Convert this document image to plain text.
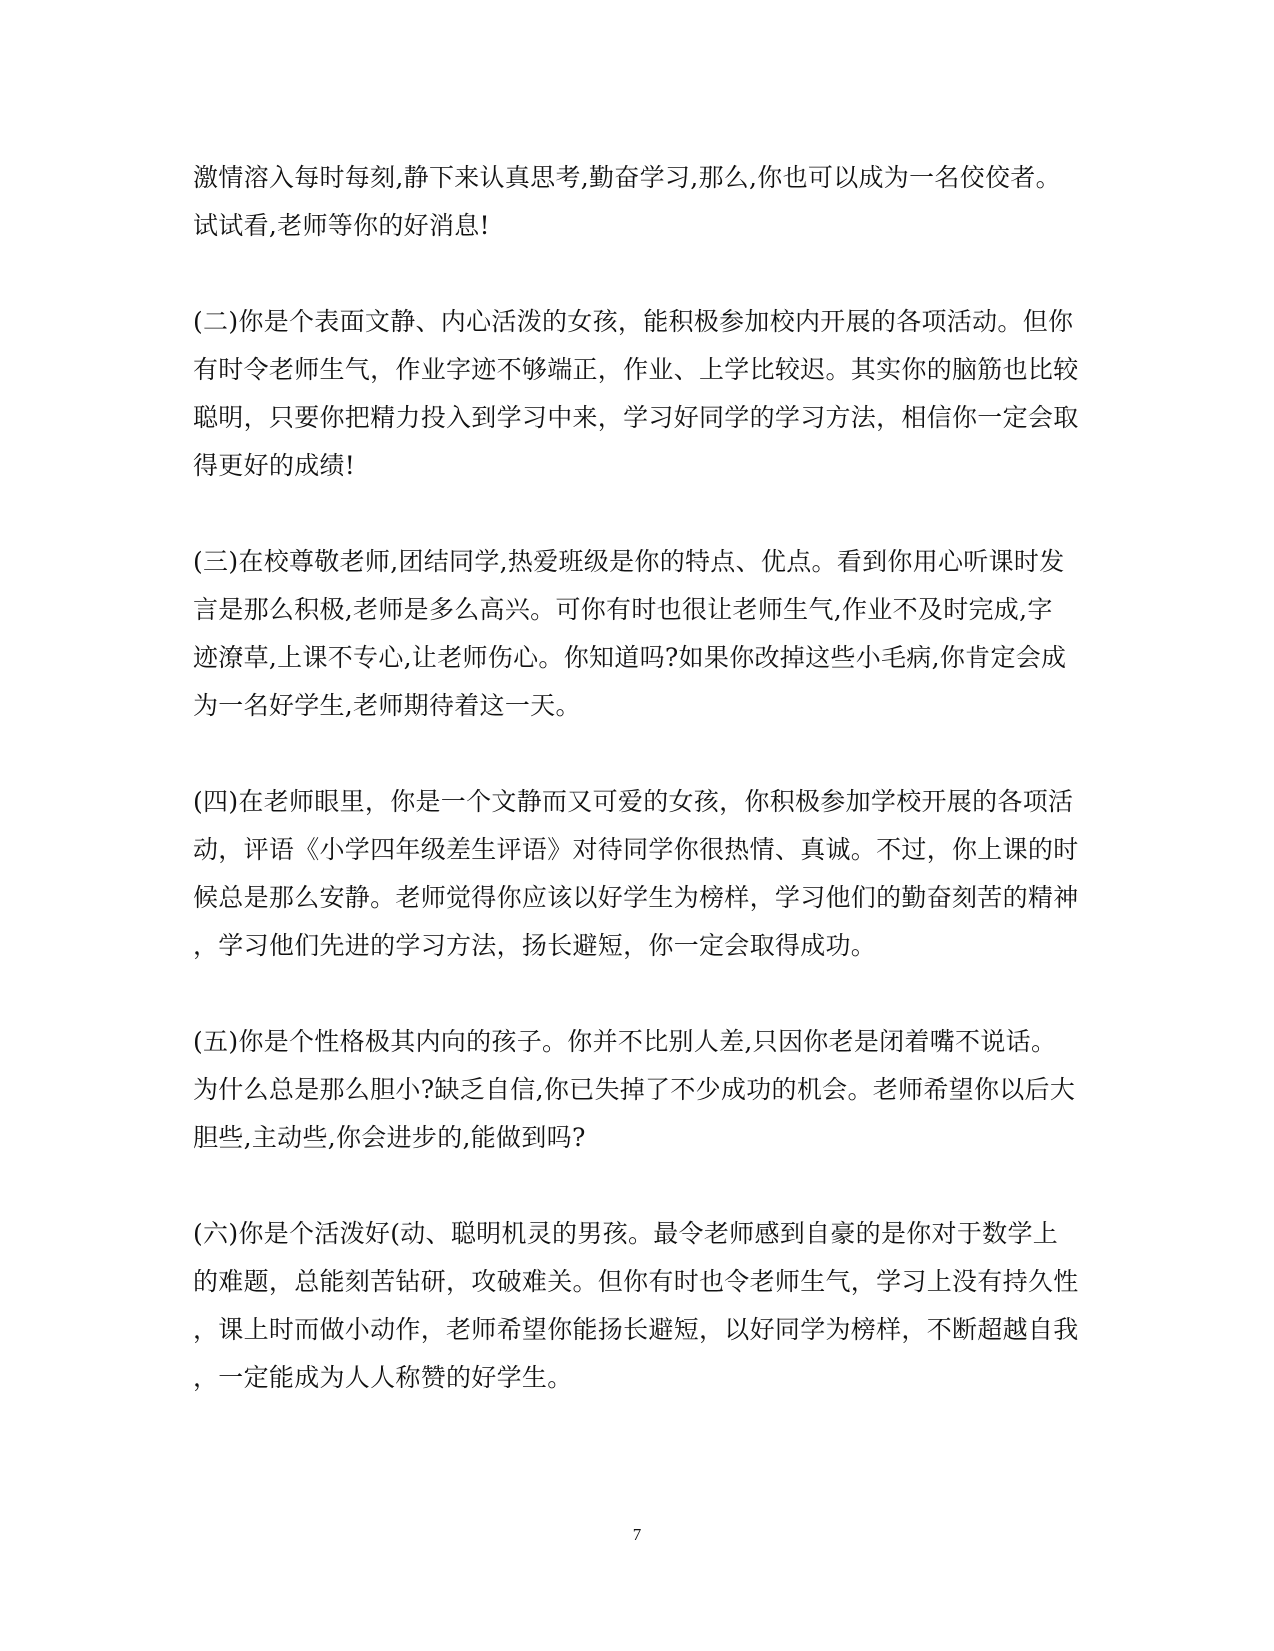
激情溶入每时每刻,静下来认真思考,勤奋学习,那么,你也可以成为一名佼佼者。
试试看,老师等你的好消息!
(二)你是个表面文静、内心活泼的女孩，能积极参加校内开展的各项活动。但你
有时令老师生气，作业字迹不够端正，作业、上学比较迟。其实你的脑筋也比较
聪明，只要你把精力投入到学习中来，学习好同学的学习方法，相信你一定会取
得更好的成绩!
(三)在校尊敬老师,团结同学,热爱班级是你的特点、优点。看到你用心听课时发
言是那么积极,老师是多么高兴。可你有时也很让老师生气,作业不及时完成,字
迹潦草,上课不专心,让老师伤心。你知道吗?如果你改掉这些小毛病,你肯定会成
为一名好学生,老师期待着这一天。
(四)在老师眼里，你是一个文静而又可爱的女孩，你积极参加学校开展的各项活
动，评语《小学四年级差生评语》对待同学你很热情、真诚。不过，你上课的时
候总是那么安静。老师觉得你应该以好学生为榜样，学习他们的勤奋刻苦的精神
，学习他们先进的学习方法，扬长避短，你一定会取得成功。
(五)你是个性格极其内向的孩子。你并不比别人差,只因你老是闭着嘴不说话。
为什么总是那么胆小?缺乏自信,你已失掉了不少成功的机会。老师希望你以后大
胆些,主动些,你会进步的,能做到吗?
(六)你是个活泼好(动、聪明机灵的男孩。最令老师感到自豪的是你对于数学上
的难题，总能刻苦钻研，攻破难关。但你有时也令老师生气，学习上没有持久性
，课上时而做小动作，老师希望你能扬长避短，以好同学为榜样，不断超越自我
，一定能成为人人称赞的好学生。
7
